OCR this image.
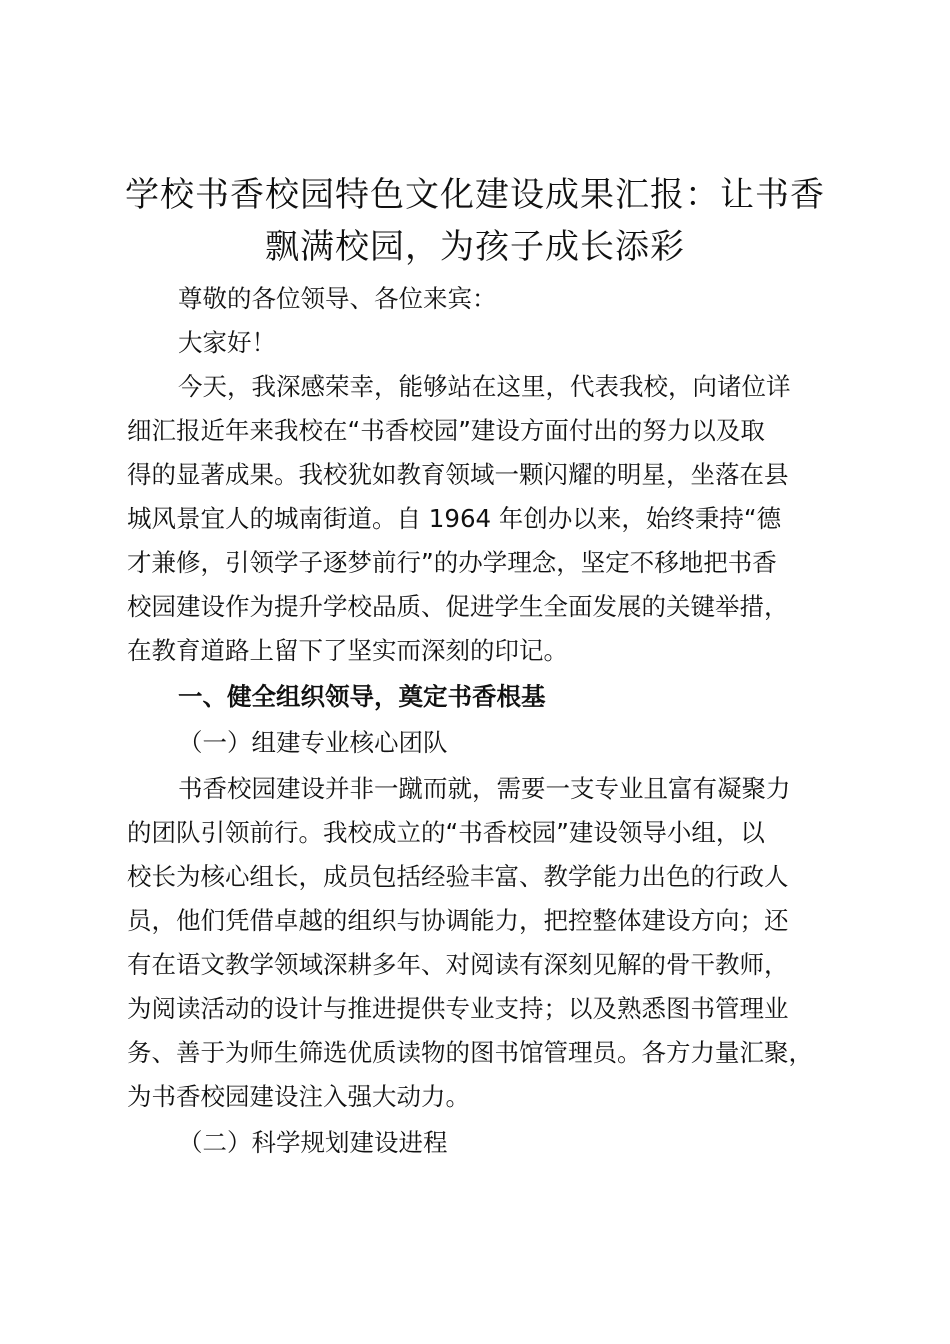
学校书香校园特色文化建设成果汇报：让书香
飘满校园，为孩子成长添彩
尊敬的各位领导、各位来宾：
大家好！
今天，我深感荣幸，能够站在这里，代表我校，向诸位详
细汇报近年来我校在“书香校园”建设方面付出的努力以及取
得的显著成果。我校犹如教育领域一颗闪耀的明星，坐落在县
城风景宜人的城南街道。自 1964 年创办以来，始终秉持“德
才兼修，引领学子逐梦前行”的办学理念，坚定不移地把书香
校园建设作为提升学校品质、促进学生全面发展的关键举措，
在教育道路上留下了坚实而深刻的印记。
一、健全组织领导，奠定书香根基
（一）组建专业核心团队
书香校园建设并非一蹴而就，需要一支专业且富有凝聚力
的团队引领前行。我校成立的“书香校园”建设领导小组，以
校长为核心组长，成员包括经验丰富、教学能力出色的行政人
员，他们凭借卓越的组织与协调能力，把控整体建设方向；还
有在语文教学领域深耕多年、对阅读有深刻见解的骨干教师，
为阅读活动的设计与推进提供专业支持；以及熟悉图书管理业
务、善于为师生筛选优质读物的图书馆管理员。各方力量汇聚，
为书香校园建设注入强大动力。
（二）科学规划建设进程
